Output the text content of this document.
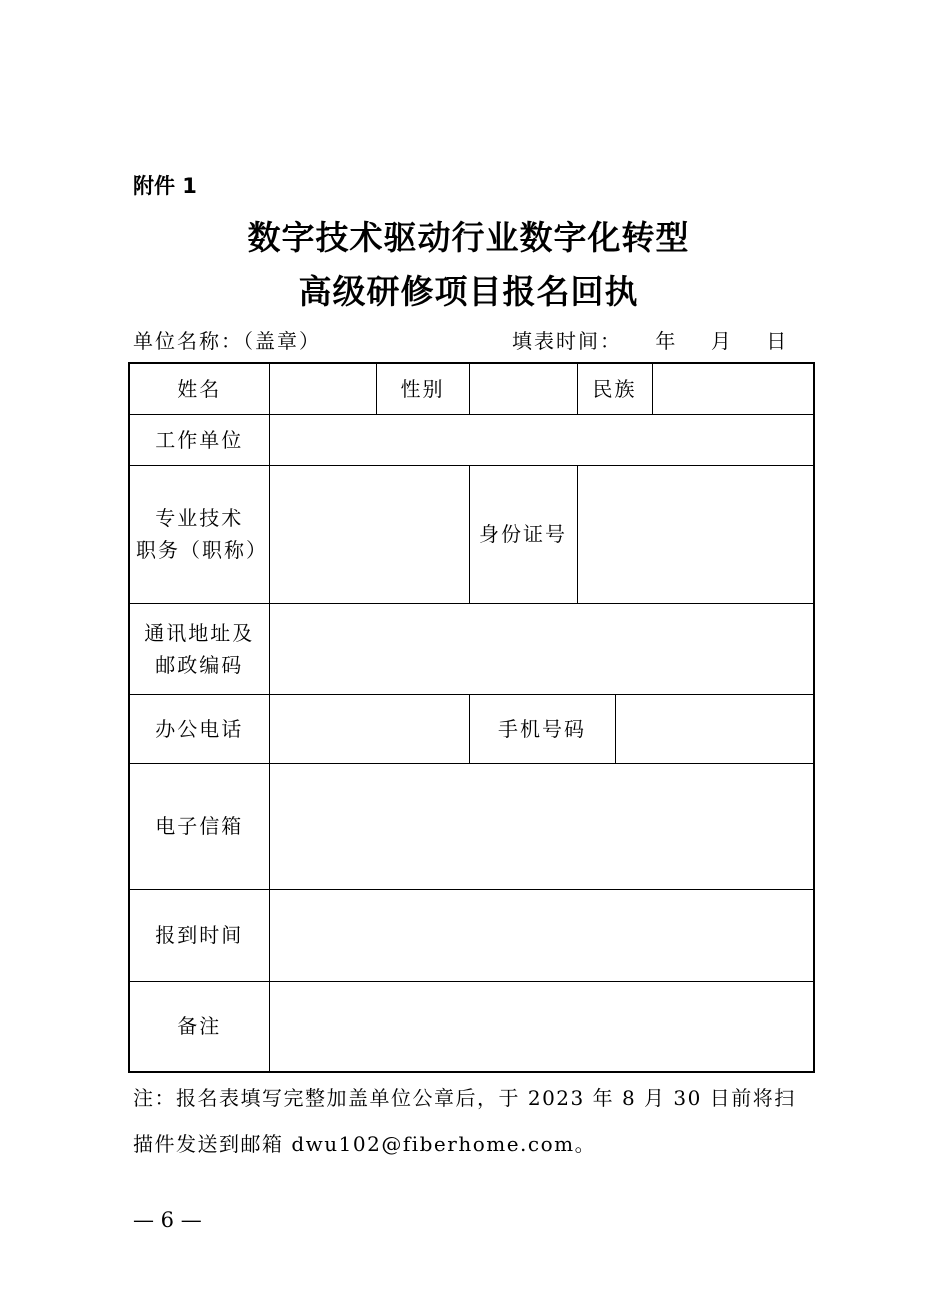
附件 1
数字技术驱动行业数字化转型
高级研修项目报名回执
单位名称：（盖章）	填表时间：    年    月    日
姓名		性别		民族		
工作单位						

专业技术
职务（职称）			身份证号			

通讯地址及
邮政编码						

办公电话			手机号码			
电子信箱						
报到时间						
备注						
注：报名表填写完整加盖单位公章后，于 2023 年 8 月 30 日前将扫
描件发送到邮箱 dwu102@fiberhome.com。
— 6 —
